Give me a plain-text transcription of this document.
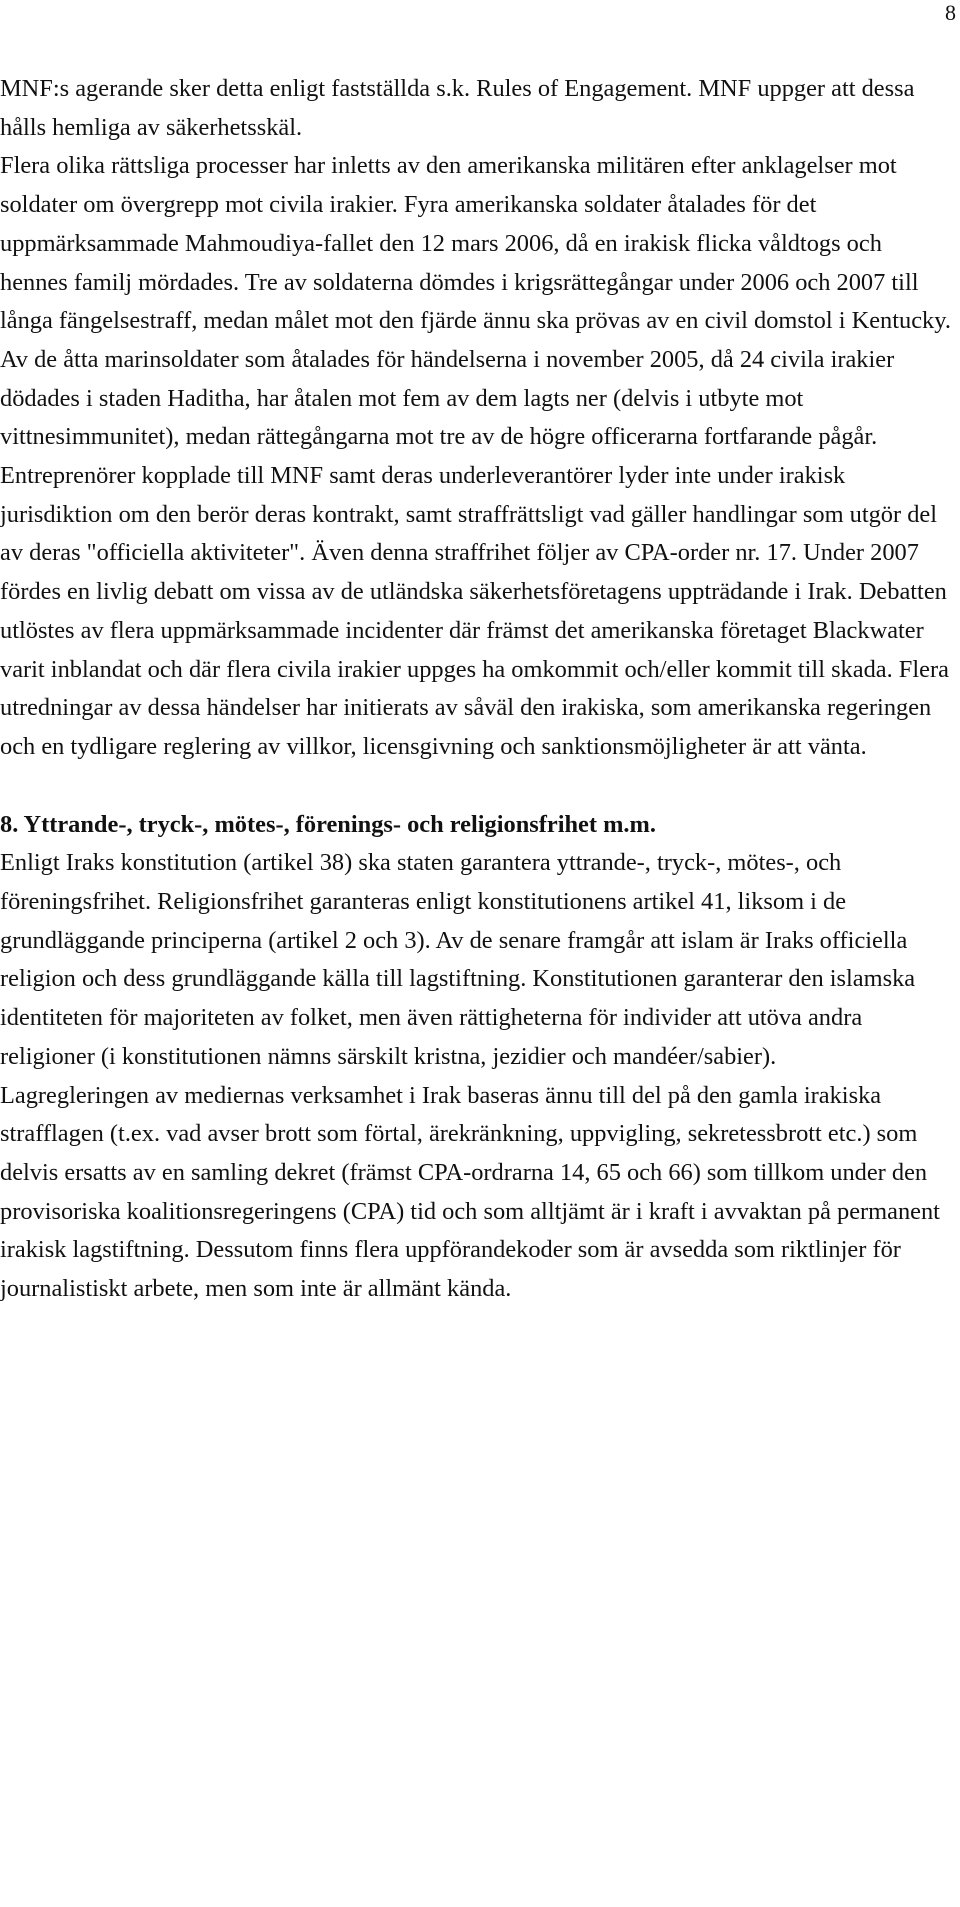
8

MNF:s agerande sker detta enligt fastställda s.k. Rules of Engagement. MNF uppger att dessa hålls hemliga av säkerhetsskäl.

Flera olika rättsliga processer har inletts av den amerikanska militären efter anklagelser mot soldater om övergrepp mot civila irakier. Fyra amerikanska soldater åtalades för det uppmärksammade Mahmoudiya-fallet den 12 mars 2006, då en irakisk flicka våldtogs och hennes familj mördades. Tre av soldaterna dömdes i krigsrättegångar under 2006 och 2007 till långa fängelsestraff, medan målet mot den fjärde ännu ska prövas av en civil domstol i Kentucky.

Av de åtta marinsoldater som åtalades för händelserna i november 2005, då 24 civila irakier dödades i staden Haditha, har åtalen mot fem av dem lagts ner (delvis i utbyte mot vittnesimmunitet), medan rättegångarna mot tre av de högre officerarna fortfarande pågår.

Entreprenörer kopplade till MNF samt deras underleverantörer lyder inte under irakisk jurisdiktion om den berör deras kontrakt, samt straffrättsligt vad gäller handlingar som utgör del av deras "officiella aktiviteter". Även denna straffrihet följer av CPA-order nr. 17. Under 2007 fördes en livlig debatt om vissa av de utländska säkerhetsföretagens uppträdande i Irak. Debatten utlöstes av flera uppmärksammade incidenter där främst det amerikanska företaget Blackwater varit inblandat och där flera civila irakier uppges ha omkommit och/eller kommit till skada. Flera utredningar av dessa händelser har initierats av såväl den irakiska, som amerikanska regeringen och en tydligare reglering av villkor, licensgivning och sanktionsmöjligheter är att vänta.

8. Yttrande-, tryck-, mötes-, förenings- och religionsfrihet m.m.

Enligt Iraks konstitution (artikel 38) ska staten garantera yttrande-, tryck-, mötes-, och föreningsfrihet. Religionsfrihet garanteras enligt konstitutionens artikel 41, liksom i de grundläggande principerna (artikel 2 och 3). Av de senare framgår att islam är Iraks officiella religion och dess grundläggande källa till lagstiftning. Konstitutionen garanterar den islamska identiteten för majoriteten av folket, men även rättigheterna för individer att utöva andra religioner (i konstitutionen nämns särskilt kristna, jezidier och mandéer/sabier).

Lagregleringen av mediernas verksamhet i Irak baseras ännu till del på den gamla irakiska strafflagen (t.ex. vad avser brott som förtal, ärekränkning, uppvigling, sekretessbrott etc.) som delvis ersatts av en samling dekret (främst CPA-ordrarna 14, 65 och 66) som tillkom under den provisoriska koalitionsregeringens (CPA) tid och som alltjämt är i kraft i avvaktan på permanent irakisk lagstiftning. Dessutom finns flera uppförandekoder som är avsedda som riktlinjer för journalistiskt arbete, men som inte är allmänt kända.
